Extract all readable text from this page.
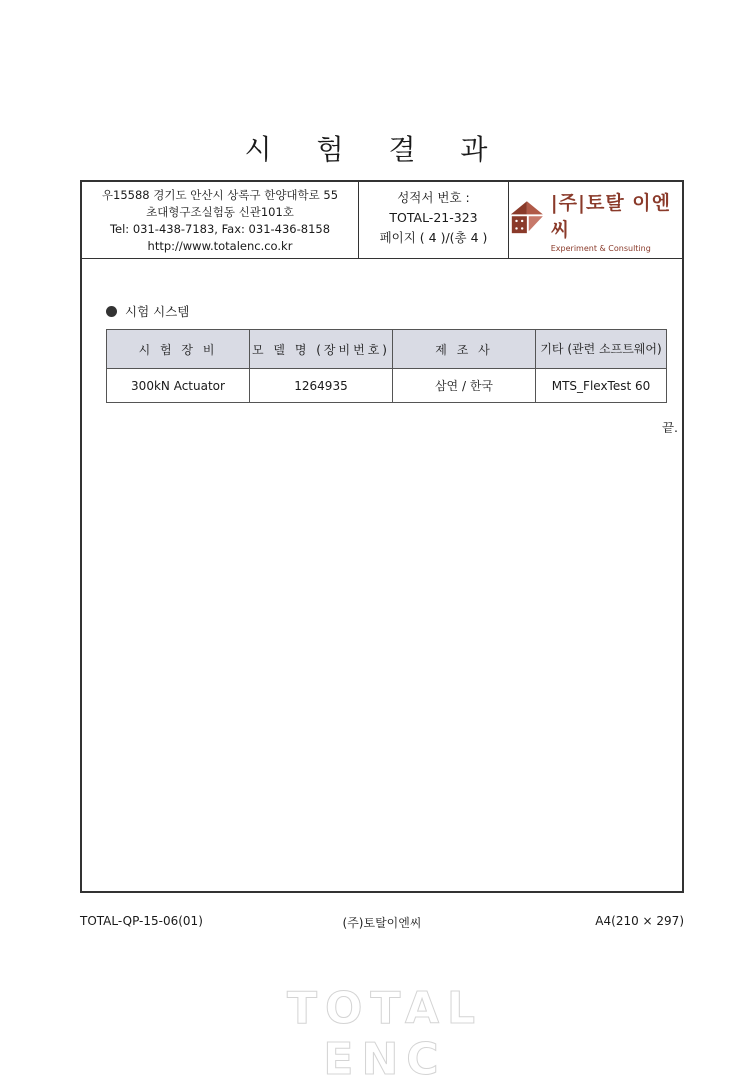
시 험 결 과
우15588 경기도 안산시 상록구 한양대학로 55
초대형구조실험동 신관101호
Tel: 031-438-7183, Fax: 031-436-8158
http://www.totalenc.co.kr
성적서 번호 :
TOTAL-21-323
페이지 ( 4 )/(총 4 )
|주|토탈 이엔씨
Experiment & Consulting
시험 시스템
시 험 장 비	모 델 명 (장비번호)	제 조 사	기타 (관련 소프트웨어)
300kN Actuator	1264935	삼연 / 한국	MTS_FlexTest 60
끝.
TOTAL-QP-15-06(01)	(주)토탈이엔씨	A4(210 × 297)
TOTAL ENC
